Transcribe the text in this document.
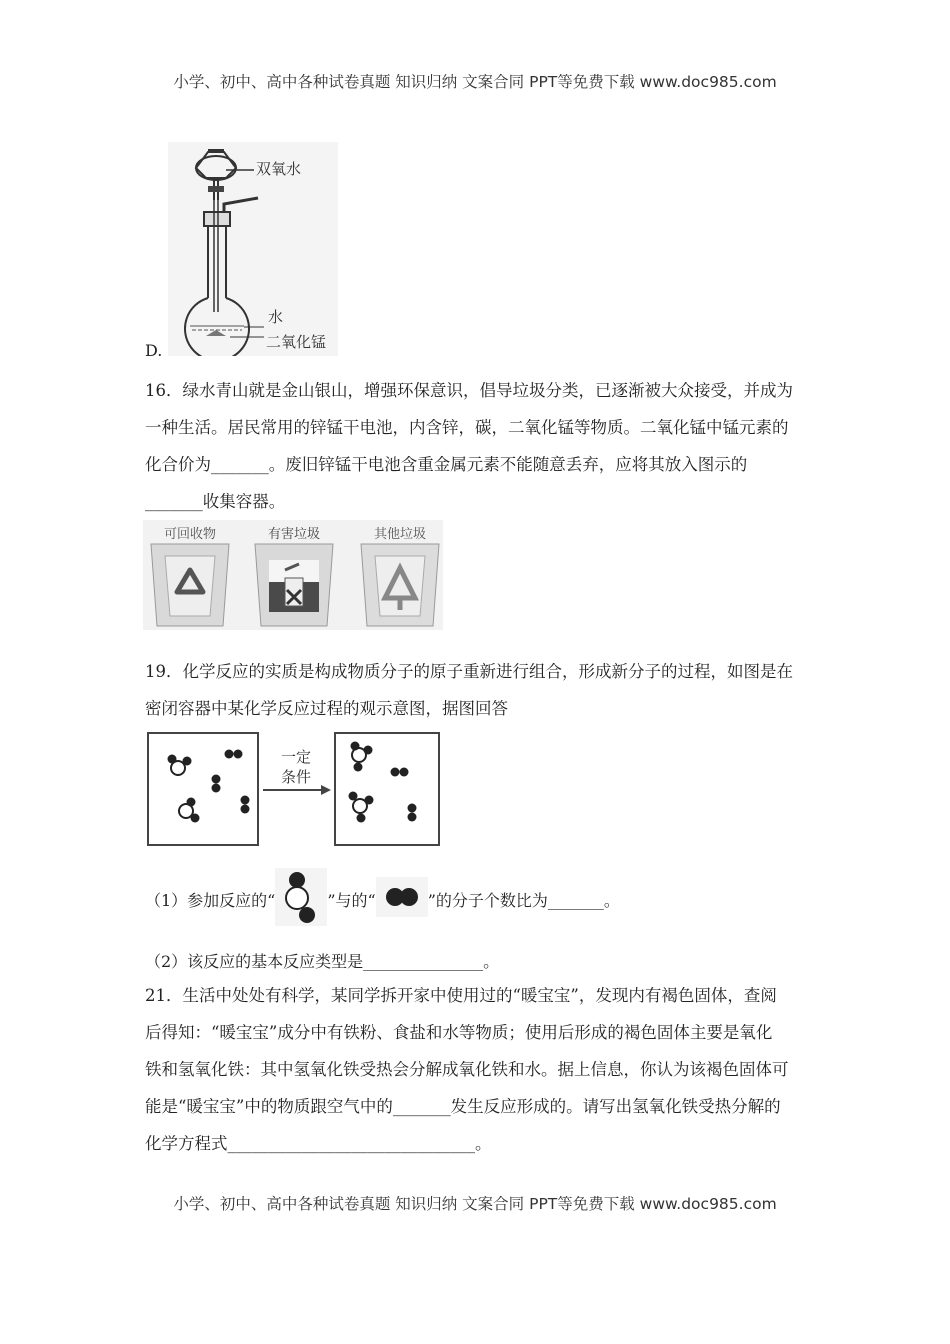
小学、初中、高中各种试卷真题 知识归纳 文案合同 PPT等免费下载 www.doc985.com
双氧水
水
二氧化锰
D.
16．绿水青山就是金山银山，增强环保意识，倡导垃圾分类，已逐渐被大众接受，并成为
一种生活。居民常用的锌锰干电池，内含锌，碳，二氧化锰等物质。二氧化锰中锰元素的
化合价为_______。废旧锌锰干电池含重金属元素不能随意丢弃，应将其放入图示的
_______收集容器。
可回收物	有害垃圾	其他垃圾
19．化学反应的实质是构成物质分子的原子重新进行组合，形成新分子的过程，如图是在
密闭容器中某化学反应过程的观示意图，据图回答
一定
条件
（1）参加反应的“	”与的“	”的分子个数比为_______。
（2）该反应的基本反应类型是_______________。
21．生活中处处有科学，某同学拆开家中使用过的“暖宝宝”，发现内有褐色固体，查阅
后得知：“暖宝宝”成分中有铁粉、食盐和水等物质；使用后形成的褐色固体主要是氧化
铁和氢氧化铁：其中氢氧化铁受热会分解成氧化铁和水。据上信息，你认为该褐色固体可
能是“暖宝宝”中的物质跟空气中的_______发生反应形成的。请写出氢氧化铁受热分解的
化学方程式______________________________。
小学、初中、高中各种试卷真题 知识归纳 文案合同 PPT等免费下载 www.doc985.com
